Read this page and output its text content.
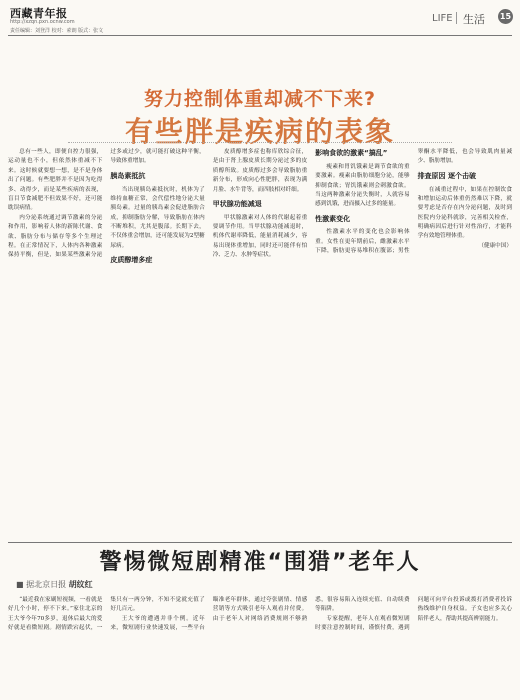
西藏青年报
http://xzqn.pxn.ocnw.com
责任编辑：刘登洋 校对：索朗 版式：张文
LIFE 生活 15
努力控制体重却减不下来?
有些胖是疾病的表象

总有一些人，即便自控力很强，运动量也不小，但依然体重减不下来。这时候就要想一想，是不是身体出了问题。有些肥胖并不是因为吃得多、动得少，而是某些疾病的表现，盲目节食减肥不但效果不好，还可能耽误病情。

内分泌系统通过调节激素的分泌和作用，影响着人体的新陈代谢、食欲、脂肪分布与储存等多个生理过程。在正常情况下，人体内各种激素保持平衡，但是，如果某些激素分泌过多或过少，就可能打破这种平衡，导致体重增加。

胰岛素抵抗

当出现胰岛素抵抗时，机体为了维持血糖正常，会代偿性地分泌大量胰岛素。过量的胰岛素会促进脂肪合成，抑制脂肪分解，导致脂肪在体内不断堆积，尤其是腹部。长期下去，不仅体重会增加，还可能发展为2型糖尿病。

皮质醇增多症

皮质醇增多症也称库欣综合征，是由于肾上腺皮质长期分泌过多的皮质醇所致。皮质醇过多会导致脂肪重新分布，形成向心性肥胖，表现为满月脸、水牛背等，而四肢相对纤细。

甲状腺功能减退

甲状腺激素对人体的代谢起着重要调节作用。当甲状腺功能减退时，机体代谢率降低，能量消耗减少，容易出现体重增加，同时还可能伴有怕冷、乏力、水肿等症状。

影响食欲的激素“搞乱”

瘦素和胃饥饿素是调节食欲的重要激素。瘦素由脂肪细胞分泌，能够抑制食欲；胃饥饿素则会刺激食欲。当这两种激素分泌失衡时，人就容易感到饥饿，进而摄入过多的能量。

性激素变化

性激素水平的变化也会影响体重。女性在更年期前后，雌激素水平下降，脂肪更容易堆积在腹部；男性睾酮水平降低，也会导致肌肉量减少、脂肪增加。

排查原因 逐个击破

在减重过程中，如果在控制饮食和增加运动后体重仍然难以下降，就要考虑是否存在内分泌问题，及时到医院内分泌科就诊，完善相关检查，明确病因后进行针对性治疗，才能科学有效地管理体重。

（健康中国）

警惕微短剧精准“围猎”老年人
■ 据北京日报 胡纹红

“最近我在家刷短视频，一看就是好几个小时，停不下来。”家住北京的王大爷今年70多岁，退休后最大的爱好就是看微短剧。剧情跌宕起伏，一集只有一两分钟，不知不觉就充值了好几百元。

王大爷的遭遇并非个例。近年来，微短剧行业快速发展，一些平台瞄准老年群体，通过夸张剧情、情感营销等方式吸引老年人观看并付费。由于老年人对网络消费规则不够熟悉，很容易陷入连续充值、自动续费等陷阱。

专家提醒，老年人在观看微短剧时要注意控制时间，谨慎付费，遇到问题可向平台投诉或拨打消费者投诉热线维护自身权益。子女也应多关心陪伴老人，帮助其提高辨别能力。
